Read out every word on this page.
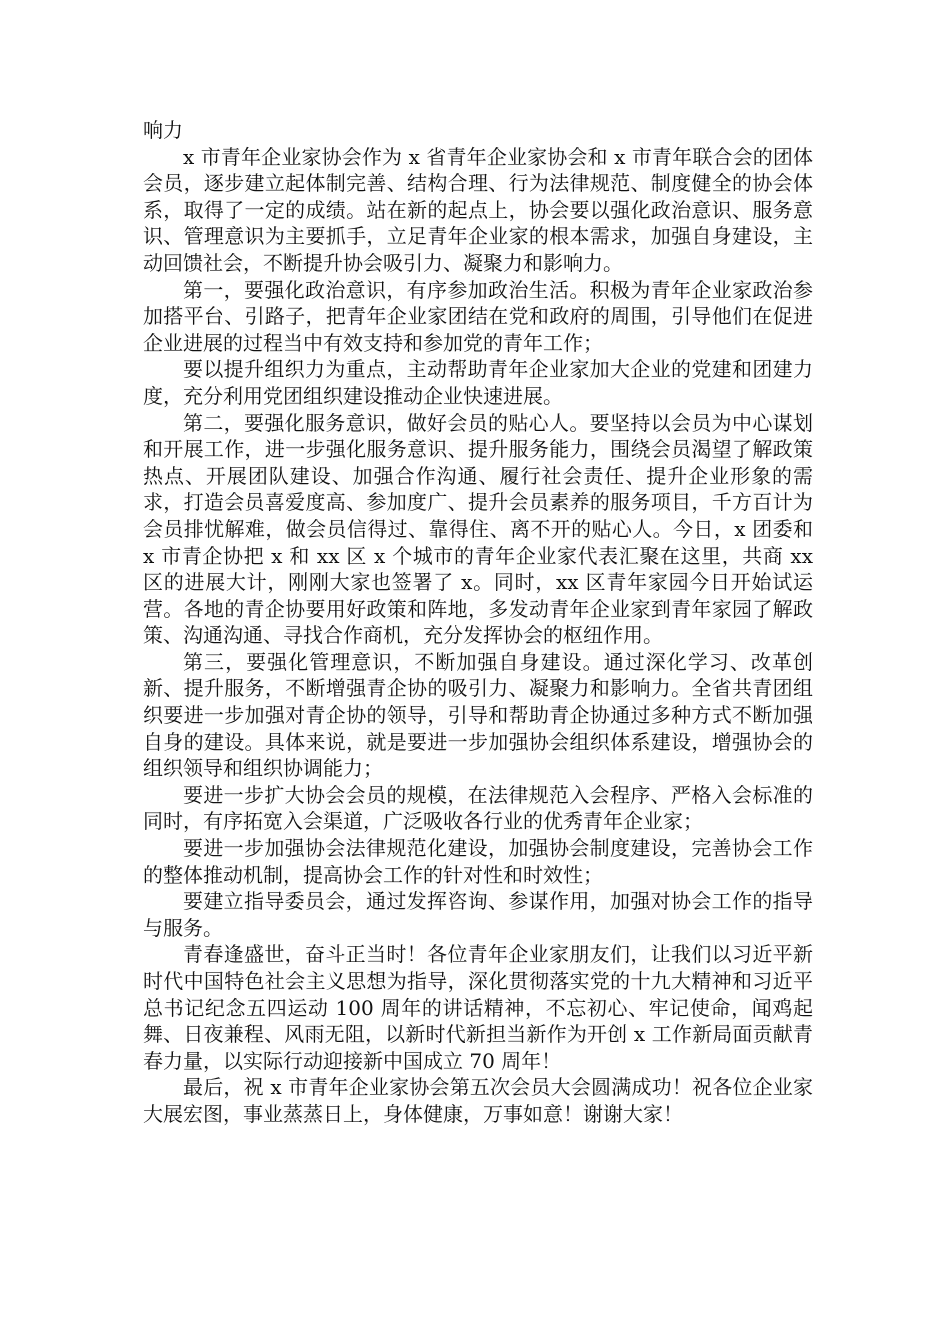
响力

x 市青年企业家协会作为 x 省青年企业家协会和 x 市青年联合会的团体会员，逐步建立起体制完善、结构合理、行为法律规范、制度健全的协会体系，取得了一定的成绩。站在新的起点上，协会要以强化政治意识、服务意识、管理意识为主要抓手，立足青年企业家的根本需求，加强自身建设，主动回馈社会，不断提升协会吸引力、凝聚力和影响力。

第一，要强化政治意识，有序参加政治生活。积极为青年企业家政治参加搭平台、引路子，把青年企业家团结在党和政府的周围，引导他们在促进企业进展的过程当中有效支持和参加党的青年工作；

要以提升组织力为重点，主动帮助青年企业家加大企业的党建和团建力度，充分利用党团组织建设推动企业快速进展。

第二，要强化服务意识，做好会员的贴心人。要坚持以会员为中心谋划和开展工作，进一步强化服务意识、提升服务能力，围绕会员渴望了解政策热点、开展团队建设、加强合作沟通、履行社会责任、提升企业形象的需求，打造会员喜爱度高、参加度广、提升会员素养的服务项目，千方百计为会员排忧解难，做会员信得过、靠得住、离不开的贴心人。今日，x 团委和 x 市青企协把 x 和 xx 区 x 个城市的青年企业家代表汇聚在这里，共商 xx 区的进展大计，刚刚大家也签署了 x。同时，xx 区青年家园今日开始试运营。各地的青企协要用好政策和阵地，多发动青年企业家到青年家园了解政策、沟通沟通、寻找合作商机，充分发挥协会的枢纽作用。

第三，要强化管理意识，不断加强自身建设。通过深化学习、改革创新、提升服务，不断增强青企协的吸引力、凝聚力和影响力。全省共青团组织要进一步加强对青企协的领导，引导和帮助青企协通过多种方式不断加强自身的建设。具体来说，就是要进一步加强协会组织体系建设，增强协会的组织领导和组织协调能力；

要进一步扩大协会会员的规模，在法律规范入会程序、严格入会标准的同时，有序拓宽入会渠道，广泛吸收各行业的优秀青年企业家；

要进一步加强协会法律规范化建设，加强协会制度建设，完善协会工作的整体推动机制，提高协会工作的针对性和时效性；

要建立指导委员会，通过发挥咨询、参谋作用，加强对协会工作的指导与服务。

青春逢盛世，奋斗正当时！各位青年企业家朋友们，让我们以习近平新时代中国特色社会主义思想为指导，深化贯彻落实党的十九大精神和习近平总书记纪念五四运动 100 周年的讲话精神，不忘初心、牢记使命，闻鸡起舞、日夜兼程、风雨无阻，以新时代新担当新作为开创 x 工作新局面贡献青春力量，以实际行动迎接新中国成立 70 周年！

最后，祝 x 市青年企业家协会第五次会员大会圆满成功！祝各位企业家大展宏图，事业蒸蒸日上，身体健康，万事如意！谢谢大家！
